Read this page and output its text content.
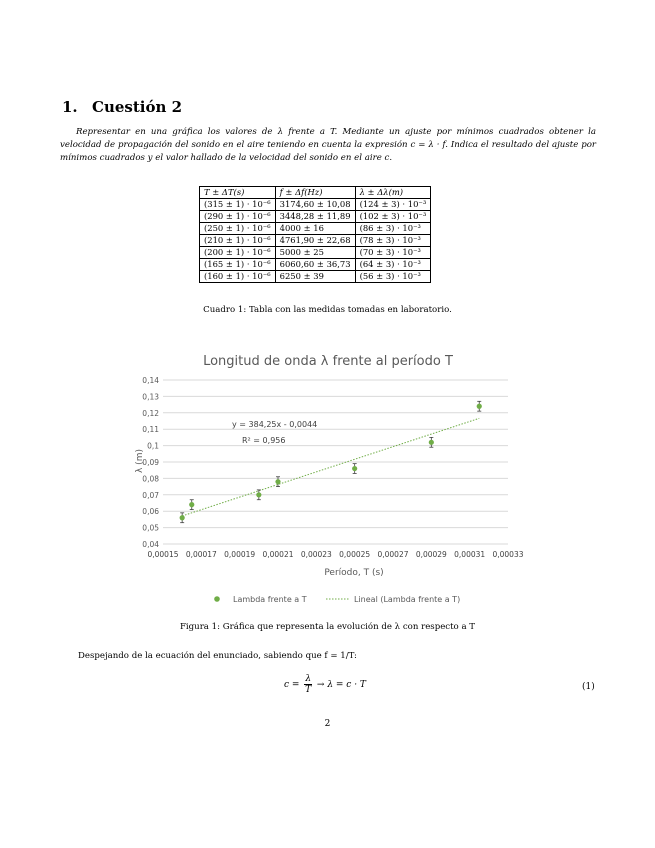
1. Cuestión 2
Representar en una gráfica los valores de λ frente a T. Mediante un ajuste por mínimos cuadrados obtener la velocidad de propagación del sonido en el aire teniendo en cuenta la expresión c = λ · f. Indica el resultado del ajuste por mínimos cuadrados y el valor hallado de la velocidad del sonido en el aire c.
T ± ΔT(s)	f ± Δf(Hz)	λ ± Δλ(m)
(315 ± 1) · 10⁻⁶	3174,60 ± 10,08	(124 ± 3) · 10⁻³
(290 ± 1) · 10⁻⁶	3448,28 ± 11,89	(102 ± 3) · 10⁻³
(250 ± 1) · 10⁻⁶	4000 ± 16	(86 ± 3) · 10⁻³
(210 ± 1) · 10⁻⁶	4761,90 ± 22,68	(78 ± 3) · 10⁻³
(200 ± 1) · 10⁻⁶	5000 ± 25	(70 ± 3) · 10⁻³
(165 ± 1) · 10⁻⁶	6060,60 ± 36,73	(64 ± 3) · 10⁻³
(160 ± 1) · 10⁻⁶	6250 ± 39	(56 ± 3) · 10⁻³
Cuadro 1: Tabla con las medidas tomadas en laboratorio.
Longitud de onda λ frente al período T
0,04
0,05
0,06
0,07
0,08
0,09
0,1
0,11
0,12
0,13
0,14
0,00015 0,00017 0,00019 0,00021 0,00023 0,00025 0,00027 0,00029 0,00031 0,00033
y = 384,25x - 0,0044
R² = 0,956
Período, T (s)
λ (m)
Lambda frente a T	Lineal (Lambda frente a T)
Figura 1: Gráfica que representa la evolución de λ con respecto a T
Despejando de la ecuación del enunciado, sabiendo que f = 1/T:
$c = \frac{\lambda}{T} \to \lambda = c \cdot T$	(1)
2
